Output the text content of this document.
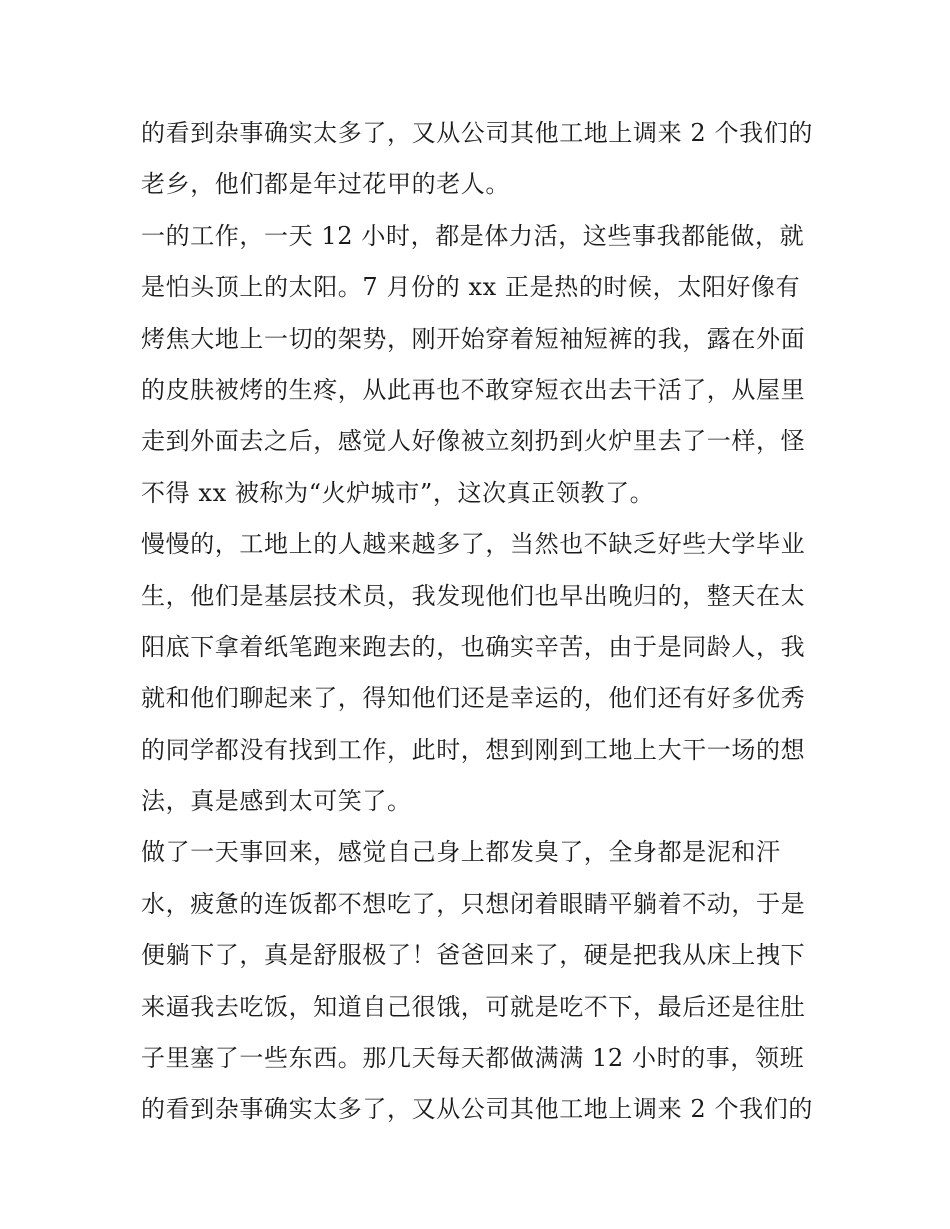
的看到杂事确实太多了，又从公司其他工地上调来 2 个我们的
老乡，他们都是年过花甲的老人。
一的工作，一天 12 小时，都是体力活，这些事我都能做，就
是怕头顶上的太阳。7 月份的 xx 正是热的时候，太阳好像有
烤焦大地上一切的架势，刚开始穿着短袖短裤的我，露在外面
的皮肤被烤的生疼，从此再也不敢穿短衣出去干活了，从屋里
走到外面去之后，感觉人好像被立刻扔到火炉里去了一样，怪
不得 xx 被称为“火炉城市”，这次真正领教了。
慢慢的，工地上的人越来越多了，当然也不缺乏好些大学毕业
生，他们是基层技术员，我发现他们也早出晚归的，整天在太
阳底下拿着纸笔跑来跑去的，也确实辛苦，由于是同龄人，我
就和他们聊起来了，得知他们还是幸运的，他们还有好多优秀
的同学都没有找到工作，此时，想到刚到工地上大干一场的想
法，真是感到太可笑了。
做了一天事回来，感觉自己身上都发臭了，全身都是泥和汗
水，疲惫的连饭都不想吃了，只想闭着眼睛平躺着不动，于是
便躺下了，真是舒服极了！爸爸回来了，硬是把我从床上拽下
来逼我去吃饭，知道自己很饿，可就是吃不下，最后还是往肚
子里塞了一些东西。那几天每天都做满满 12 小时的事，领班
的看到杂事确实太多了，又从公司其他工地上调来 2 个我们的
